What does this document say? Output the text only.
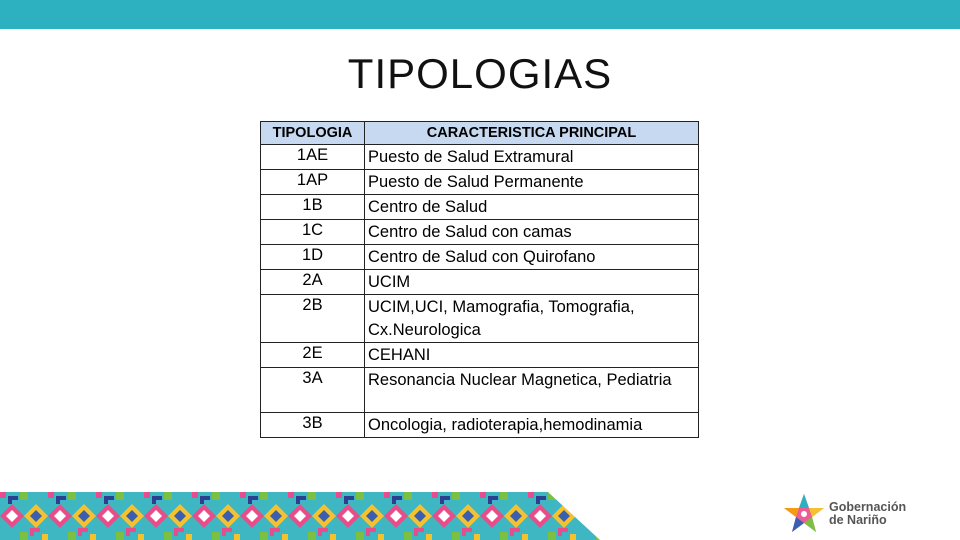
TIPOLOGIAS
TIPOLOGIA	CARACTERISTICA PRINCIPAL
1AE	Puesto de Salud Extramural
1AP	Puesto de Salud Permanente
1B	Centro de Salud
1C	Centro de Salud con camas
1D	Centro de Salud con Quirofano
2A	UCIM
2B	UCIM,UCI, Mamografia, Tomografia, Cx.Neurologica
2E	CEHANI
3A	Resonancia Nuclear Magnetica, Pediatria
3B	Oncologia, radioterapia,hemodinamia
Gobernación
de Nariño
